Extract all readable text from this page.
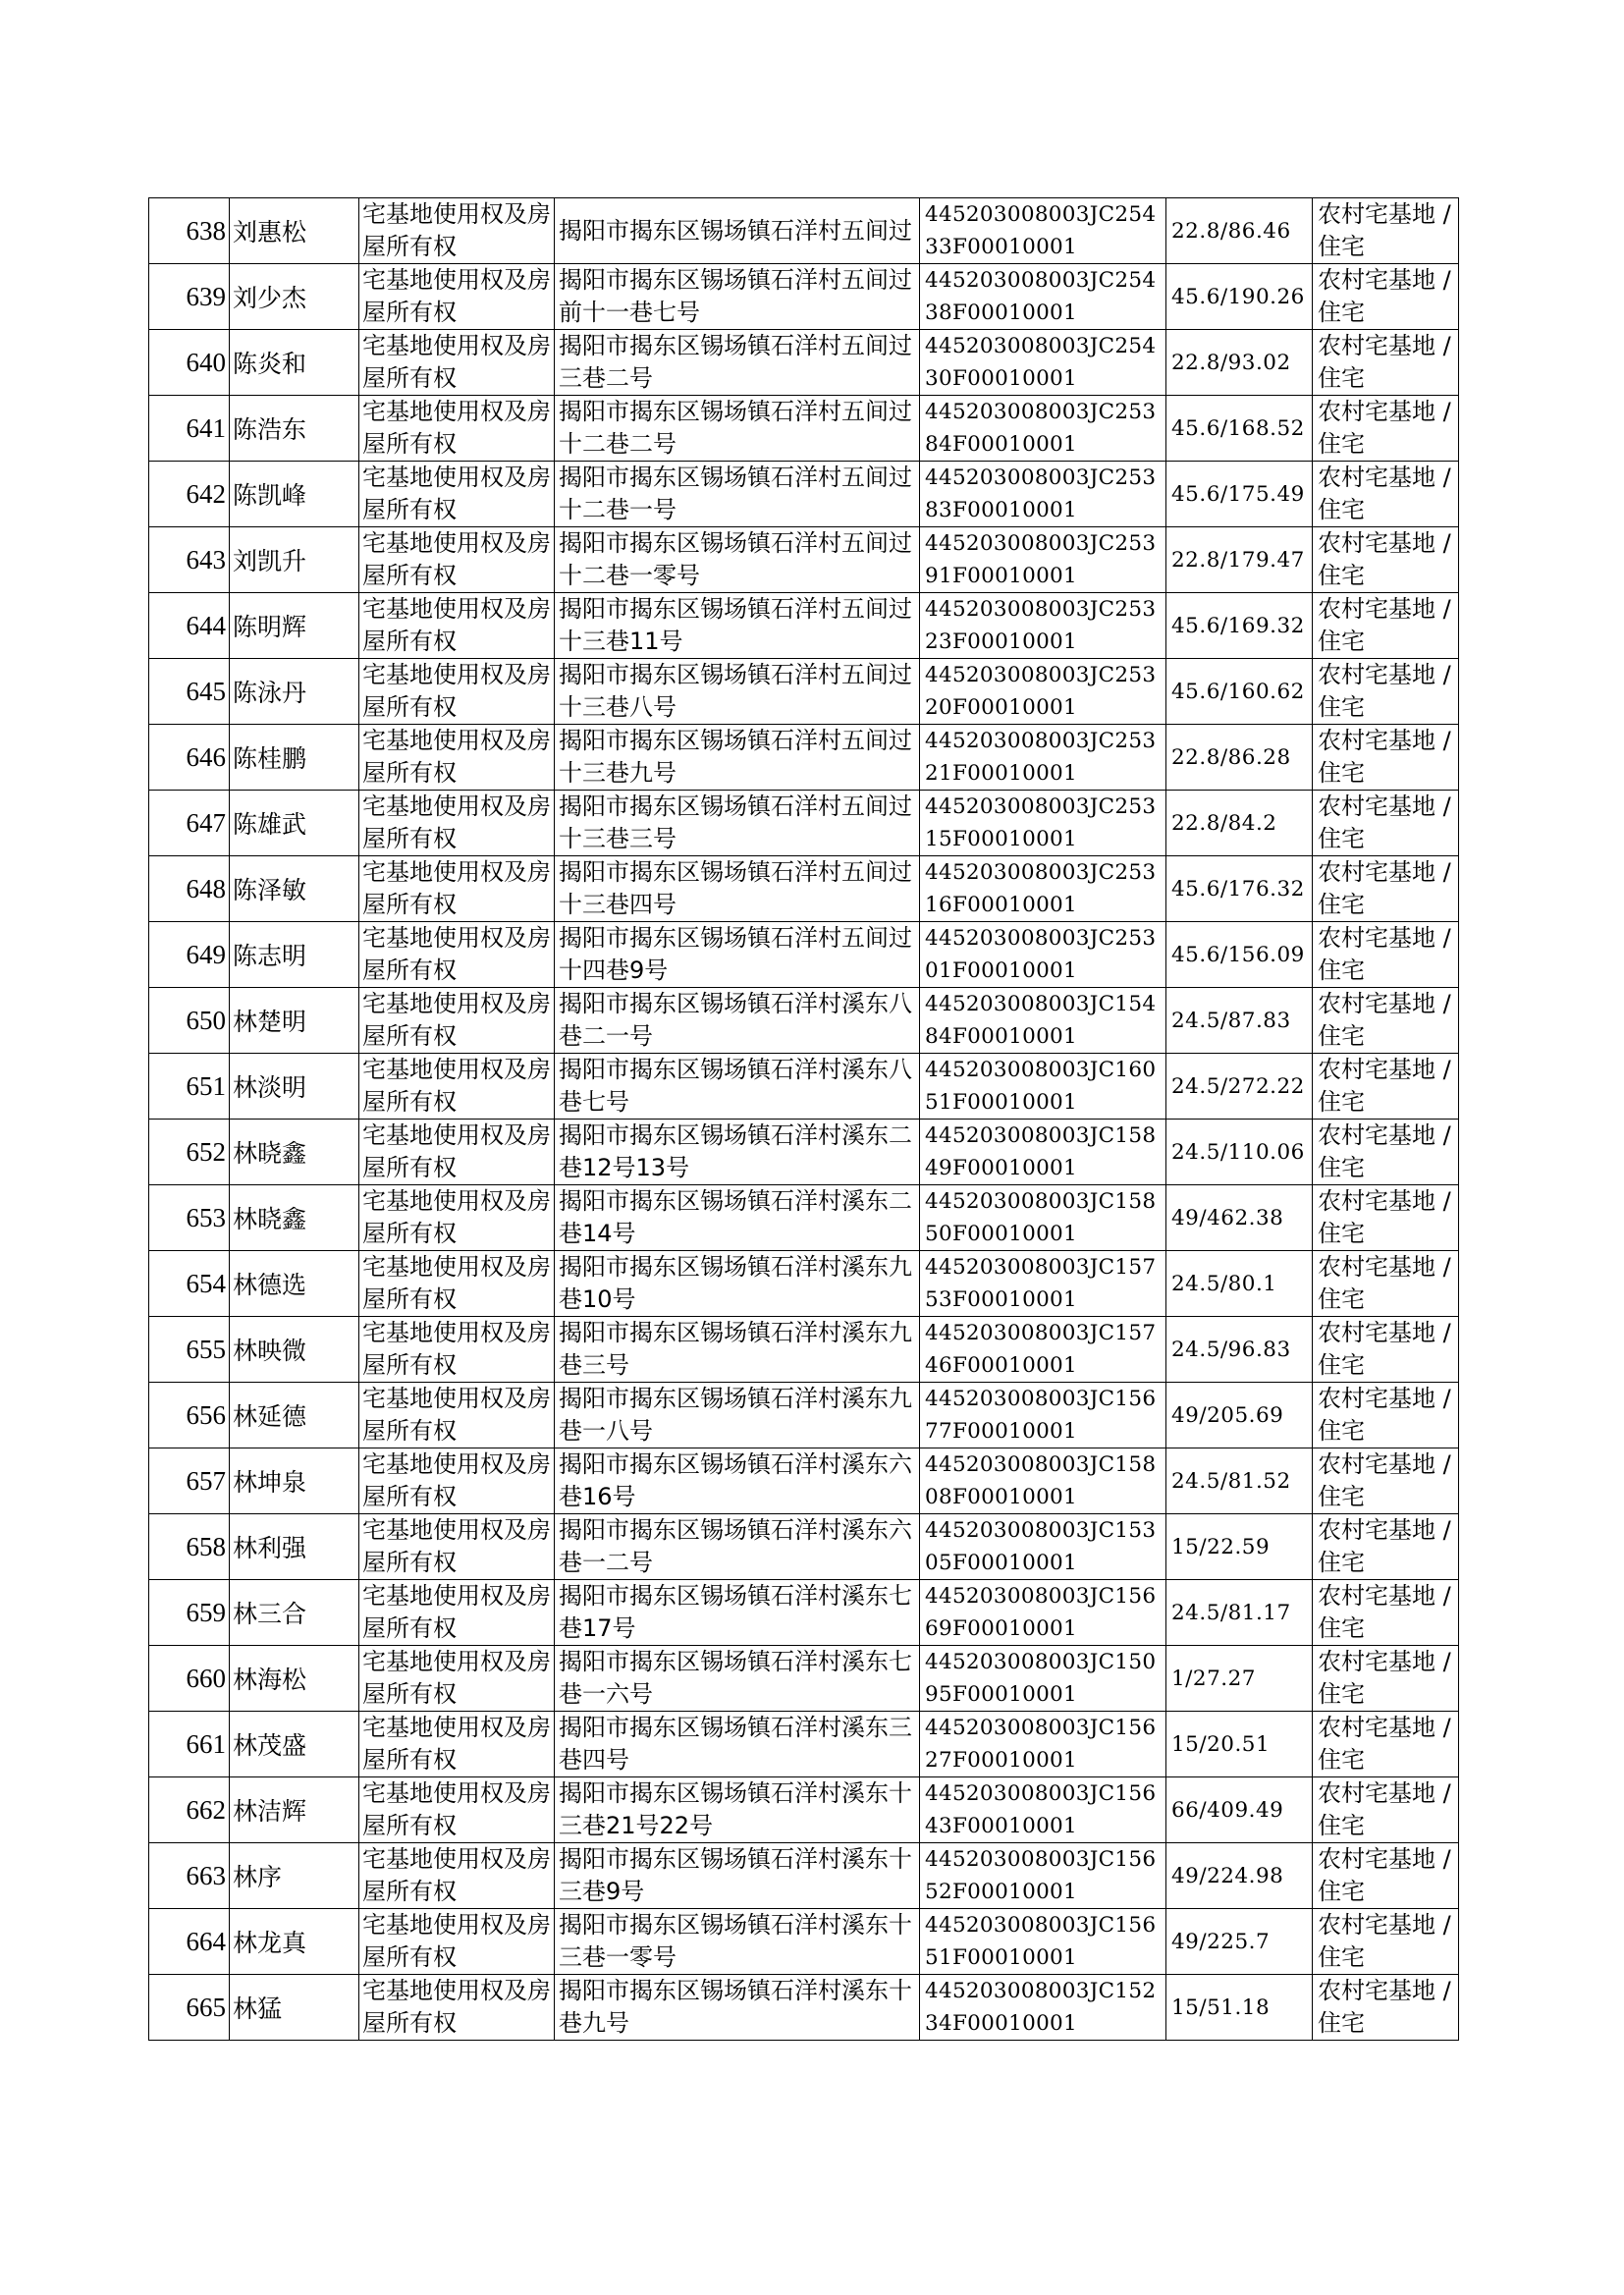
638	刘惠松	宅基地使用权及房屋所有权	揭阳市揭东区锡场镇石洋村五间过	445203008003JC25433F00010001	22.8/86.46	农村宅基地 / 住宅

639	刘少杰	宅基地使用权及房屋所有权	揭阳市揭东区锡场镇石洋村五间过前十一巷七号	445203008003JC25438F00010001	45.6/190.26	农村宅基地 / 住宅

640	陈炎和	宅基地使用权及房屋所有权	揭阳市揭东区锡场镇石洋村五间过三巷二号	445203008003JC25430F00010001	22.8/93.02	农村宅基地 / 住宅

641	陈浩东	宅基地使用权及房屋所有权	揭阳市揭东区锡场镇石洋村五间过十二巷二号	445203008003JC25384F00010001	45.6/168.52	农村宅基地 / 住宅

642	陈凯峰	宅基地使用权及房屋所有权	揭阳市揭东区锡场镇石洋村五间过十二巷一号	445203008003JC25383F00010001	45.6/175.49	农村宅基地 / 住宅

643	刘凯升	宅基地使用权及房屋所有权	揭阳市揭东区锡场镇石洋村五间过十二巷一零号	445203008003JC25391F00010001	22.8/179.47	农村宅基地 / 住宅

644	陈明辉	宅基地使用权及房屋所有权	揭阳市揭东区锡场镇石洋村五间过十三巷11号	445203008003JC25323F00010001	45.6/169.32	农村宅基地 / 住宅

645	陈泳丹	宅基地使用权及房屋所有权	揭阳市揭东区锡场镇石洋村五间过十三巷八号	445203008003JC25320F00010001	45.6/160.62	农村宅基地 / 住宅

646	陈桂鹏	宅基地使用权及房屋所有权	揭阳市揭东区锡场镇石洋村五间过十三巷九号	445203008003JC25321F00010001	22.8/86.28	农村宅基地 / 住宅

647	陈雄武	宅基地使用权及房屋所有权	揭阳市揭东区锡场镇石洋村五间过十三巷三号	445203008003JC25315F00010001	22.8/84.2	农村宅基地 / 住宅

648	陈泽敏	宅基地使用权及房屋所有权	揭阳市揭东区锡场镇石洋村五间过十三巷四号	445203008003JC25316F00010001	45.6/176.32	农村宅基地 / 住宅

649	陈志明	宅基地使用权及房屋所有权	揭阳市揭东区锡场镇石洋村五间过十四巷9号	445203008003JC25301F00010001	45.6/156.09	农村宅基地 / 住宅

650	林楚明	宅基地使用权及房屋所有权	揭阳市揭东区锡场镇石洋村溪东八巷二一号	445203008003JC15484F00010001	24.5/87.83	农村宅基地 / 住宅

651	林淡明	宅基地使用权及房屋所有权	揭阳市揭东区锡场镇石洋村溪东八巷七号	445203008003JC16051F00010001	24.5/272.22	农村宅基地 / 住宅

652	林晓鑫	宅基地使用权及房屋所有权	揭阳市揭东区锡场镇石洋村溪东二巷12号13号	445203008003JC15849F00010001	24.5/110.06	农村宅基地 / 住宅

653	林晓鑫	宅基地使用权及房屋所有权	揭阳市揭东区锡场镇石洋村溪东二巷14号	445203008003JC15850F00010001	49/462.38	农村宅基地 / 住宅

654	林德选	宅基地使用权及房屋所有权	揭阳市揭东区锡场镇石洋村溪东九巷10号	445203008003JC15753F00010001	24.5/80.1	农村宅基地 / 住宅

655	林映微	宅基地使用权及房屋所有权	揭阳市揭东区锡场镇石洋村溪东九巷三号	445203008003JC15746F00010001	24.5/96.83	农村宅基地 / 住宅

656	林延德	宅基地使用权及房屋所有权	揭阳市揭东区锡场镇石洋村溪东九巷一八号	445203008003JC15677F00010001	49/205.69	农村宅基地 / 住宅

657	林坤泉	宅基地使用权及房屋所有权	揭阳市揭东区锡场镇石洋村溪东六巷16号	445203008003JC15808F00010001	24.5/81.52	农村宅基地 / 住宅

658	林利强	宅基地使用权及房屋所有权	揭阳市揭东区锡场镇石洋村溪东六巷一二号	445203008003JC15305F00010001	15/22.59	农村宅基地 / 住宅

659	林三合	宅基地使用权及房屋所有权	揭阳市揭东区锡场镇石洋村溪东七巷17号	445203008003JC15669F00010001	24.5/81.17	农村宅基地 / 住宅

660	林海松	宅基地使用权及房屋所有权	揭阳市揭东区锡场镇石洋村溪东七巷一六号	445203008003JC15095F00010001	1/27.27	农村宅基地 / 住宅

661	林茂盛	宅基地使用权及房屋所有权	揭阳市揭东区锡场镇石洋村溪东三巷四号	445203008003JC15627F00010001	15/20.51	农村宅基地 / 住宅

662	林洁辉	宅基地使用权及房屋所有权	揭阳市揭东区锡场镇石洋村溪东十三巷21号22号	445203008003JC15643F00010001	66/409.49	农村宅基地 / 住宅

663	林序	宅基地使用权及房屋所有权	揭阳市揭东区锡场镇石洋村溪东十三巷9号	445203008003JC15652F00010001	49/224.98	农村宅基地 / 住宅

664	林龙真	宅基地使用权及房屋所有权	揭阳市揭东区锡场镇石洋村溪东十三巷一零号	445203008003JC15651F00010001	49/225.7	农村宅基地 / 住宅

665	林猛	宅基地使用权及房屋所有权	揭阳市揭东区锡场镇石洋村溪东十巷九号	445203008003JC15234F00010001	15/51.18	农村宅基地 / 住宅
